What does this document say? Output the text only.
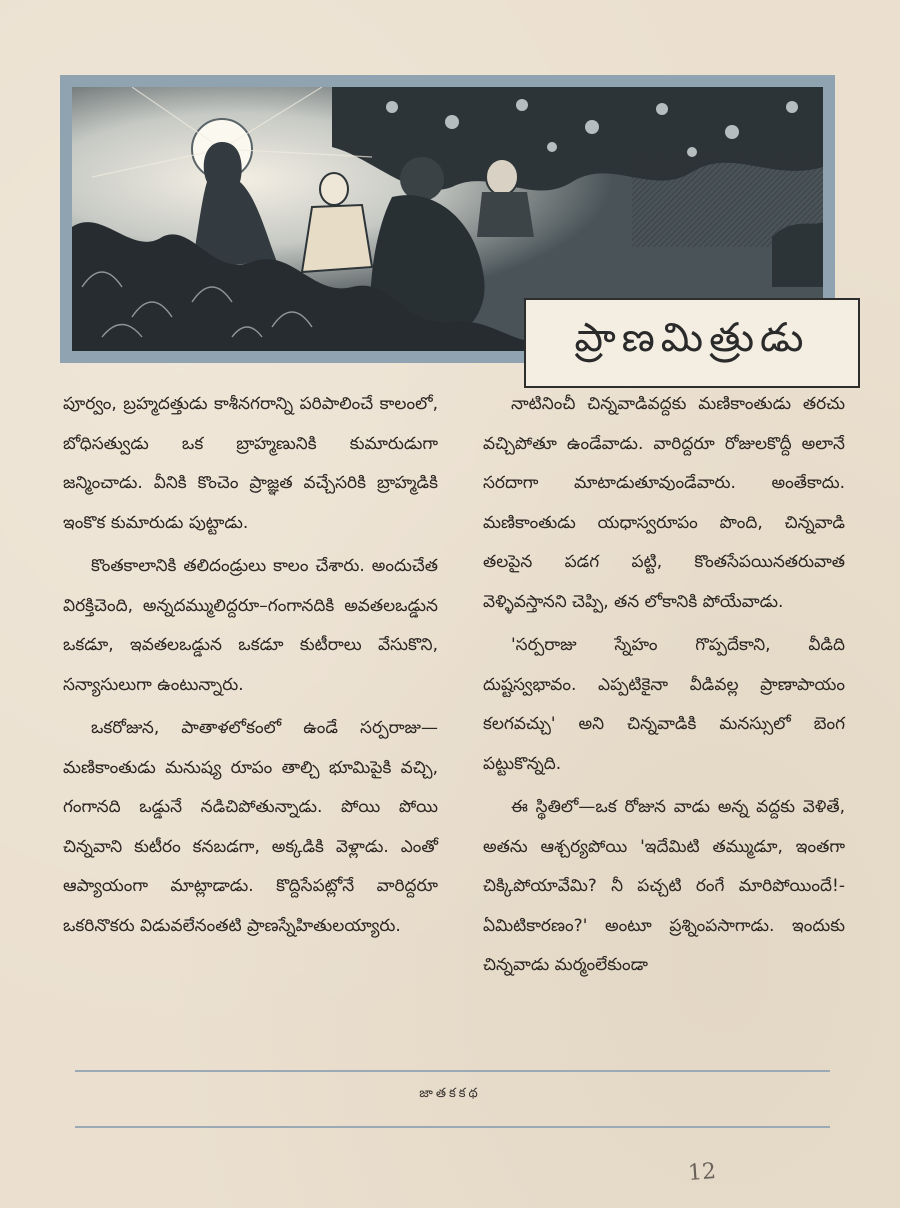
ప్రాణమిత్రుడు

పూర్వం, బ్రహ్మదత్తుడు కాశీనగరాన్ని పరిపాలించే కాలంలో, బోధిసత్వుడు ఒక బ్రాహ్మణునికి కుమారుడుగా జన్మించాడు. వీనికి కొంచెం ప్రాజ్ఞత వచ్చేసరికి బ్రాహ్మడికి ఇంకొక కుమారుడు పుట్టాడు.

కొంతకాలానికి తలిదండ్రులు కాలం చేశారు. అందుచేత విరక్తిచెంది, అన్నదమ్ములిద్దరూ–గంగానదికి అవతలఒడ్డున ఒకడూ, ఇవతలఒడ్డున ఒకడూ కుటీరాలు వేసుకొని, సన్యాసులుగా ఉంటున్నారు.

ఒకరోజున, పాతాళలోకంలో ఉండే సర్పరాజు—మణికాంతుడు మనుష్య రూపం తాల్చి భూమిపైకి వచ్చి, గంగానది ఒడ్డునే నడిచిపోతున్నాడు. పోయి పోయి చిన్నవాని కుటీరం కనబడగా, అక్కడికి వెళ్లాడు. ఎంతో ఆప్యాయంగా మాట్లాడాడు. కొద్దిసేపట్లోనే వారిద్దరూ ఒకరినొకరు విడువలేనంతటి ప్రాణస్నేహితులయ్యారు.

నాటినించీ చిన్నవాడివద్దకు మణికాంతుడు తరచు వచ్చిపోతూ ఉండేవాడు. వారిద్దరూ రోజులకొద్దీ అలానే సరదాగా మాటాడుతూవుండేవారు. అంతేకాదు. మణికాంతుడు యధాస్వరూపం పొంది, చిన్నవాడి తలపైన పడగ పట్టి, కొంతసేపయినతరువాత వెళ్ళివస్తానని చెప్పి, తన లోకానికి పోయేవాడు.

'సర్పరాజు స్నేహం గొప్పదేకాని, వీడిది దుష్టస్వభావం. ఎప్పటికైనా వీడివల్ల ప్రాణాపాయం కలగవచ్చు' అని చిన్నవాడికి మనస్సులో బెంగ పట్టుకొన్నది.

ఈ స్థితిలో—ఒక రోజున వాడు అన్న వద్దకు వెళితే, అతను ఆశ్చర్యపోయి 'ఇదేమిటి తమ్ముడూ, ఇంతగా చిక్కిపోయావేమి? నీ పచ్చటి రంగే మారిపోయిందే!-ఏమిటికారణం?' అంటూ ప్రశ్నింపసాగాడు. ఇందుకు చిన్నవాడు మర్మంలేకుండా

జాతకకథ
12
